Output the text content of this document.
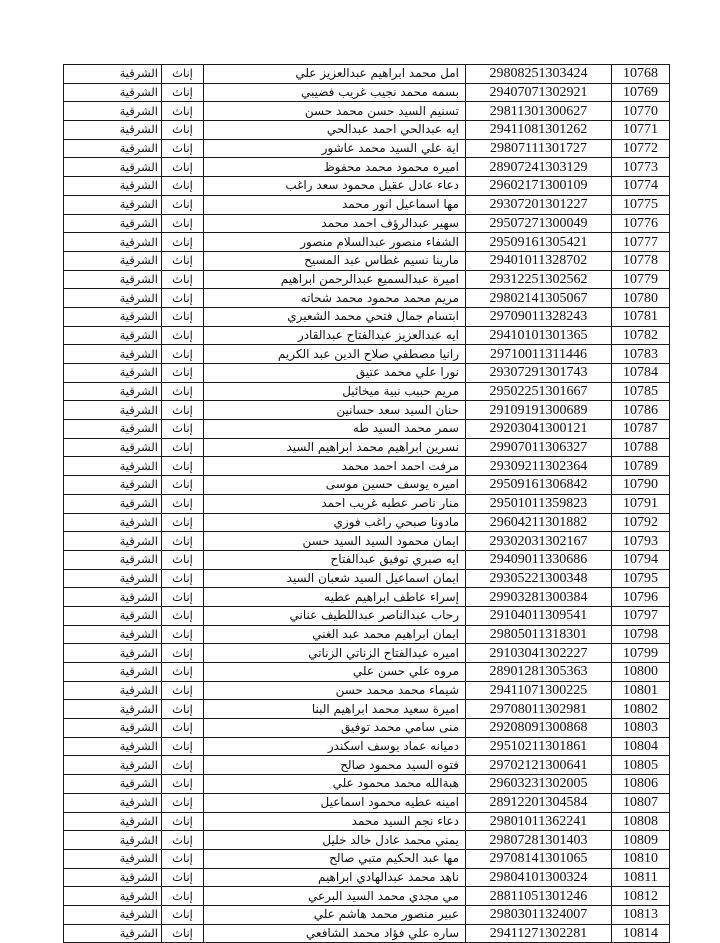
الشرقية	إناث	امل محمد ابراهيم عبدالعزيز علي	29808251303424	10768
الشرقية	إناث	بسمه محمد نجيب غريب فضيبي	29407071302921	10769
الشرقية	إناث	تسنيم السيد حسن محمد حسن	29811301300627	10770
الشرقية	إناث	ايه عبدالحي احمد عبدالحي	29411081301262	10771
الشرقية	إناث	اية علي السيد محمد عاشور	29807111301727	10772
الشرقية	إناث	اميره محمود محمد محفوظ	28907241303129	10773
الشرقية	إناث	دعاء عادل عقيل محمود سعد راغب	29602171300109	10774
الشرقية	إناث	مها اسماعيل انور محمد	29307201301227	10775
الشرقية	إناث	سهير عبدالرؤف احمد محمد	29507271300049	10776
الشرقية	إناث	الشفاء منصور عبدالسلام منصور	29509161305421	10777
الشرقية	إناث	مارينا نسيم غطاس عبد المسيح	29401011328702	10778
الشرقية	إناث	اميرة عبدالسميع عبدالرحمن ابراهيم	29312251302562	10779
الشرقية	إناث	مريم محمد محمود محمد شحاته	29802141305067	10780
الشرقية	إناث	ابتسام جمال فتحي محمد الشعيري	29709011328243	10781
الشرقية	إناث	ايه عبدالعزيز عبدالفتاح عبدالقادر	29410101301365	10782
الشرقية	إناث	رانيا مصطفي صلاح الدين عبد الكريم	29710011311446	10783
الشرقية	إناث	نورا علي محمد عتيق	29307291301743	10784
الشرقية	إناث	مريم حبيب نبية ميخائيل	29502251301667	10785
الشرقية	إناث	حنان السيد سعد حسانين	29109191300689	10786
الشرقية	إناث	سمر محمد السيد طه	29203041300121	10787
الشرقية	إناث	نسرين ابراهيم محمد ابراهيم السيد	29907011306327	10788
الشرقية	إناث	مرفت احمد احمد محمد	29309211302364	10789
الشرقية	إناث	اميره يوسف حسين موسى	29509161306842	10790
الشرقية	إناث	منار ناصر عطيه غريب احمد	29501011359823	10791
الشرقية	إناث	مادونا صبحي راغب فوزي	29604211301882	10792
الشرقية	إناث	ايمان محمود السيد السيد حسن	29302031302167	10793
الشرقية	إناث	ايه صبري توفيق عبدالفتاح	29409011330686	10794
الشرقية	إناث	ايمان اسماعيل السيد شعبان السيد	29305221300348	10795
الشرقية	إناث	إسراء عاطف ابراهيم عطيه	29903281300384	10796
الشرقية	إناث	رحاب عبدالناصر عبداللطيف عناني	29104011309541	10797
الشرقية	إناث	ايمان ابراهيم محمد عبد الغني	29805011318301	10798
الشرقية	إناث	اميره عبدالفتاح الزناتي الزناتي	29103041302227	10799
الشرقية	إناث	مروه علي حسن علي	28901281305363	10800
الشرقية	إناث	شيماء محمد محمد حسن	29411071300225	10801
الشرقية	إناث	اميرة سعيد محمد ابراهيم البنا	29708011302981	10802
الشرقية	إناث	منى سامي محمد توفيق	29208091300868	10803
الشرقية	إناث	دميانه عماد يوسف اسكندر	29510211301861	10804
الشرقية	إناث	فتوه السيد محمود صالح	29702121300641	10805
الشرقية	إناث	هبةالله محمد محمود علي	29603231302005	10806
الشرقية	إناث	امينه عطيه محمود اسماعيل	28912201304584	10807
الشرقية	إناث	دعاء نجم السيد محمد	29801011362241	10808
الشرقية	إناث	يمني محمد عادل خالد خليل	29807281301403	10809
الشرقية	إناث	مها عبد الحكيم متبي صالح	29708141301065	10810
الشرقية	إناث	ناهد محمد عبدالهادي ابراهيم	29804101300324	10811
الشرقية	إناث	مي مجدي محمد السيد البرعي	28811051301246	10812
الشرقية	إناث	عبير منصور محمد هاشم علي	29803011324007	10813
الشرقية	إناث	ساره علي فؤاد محمد الشافعي	29411271302281	10814
